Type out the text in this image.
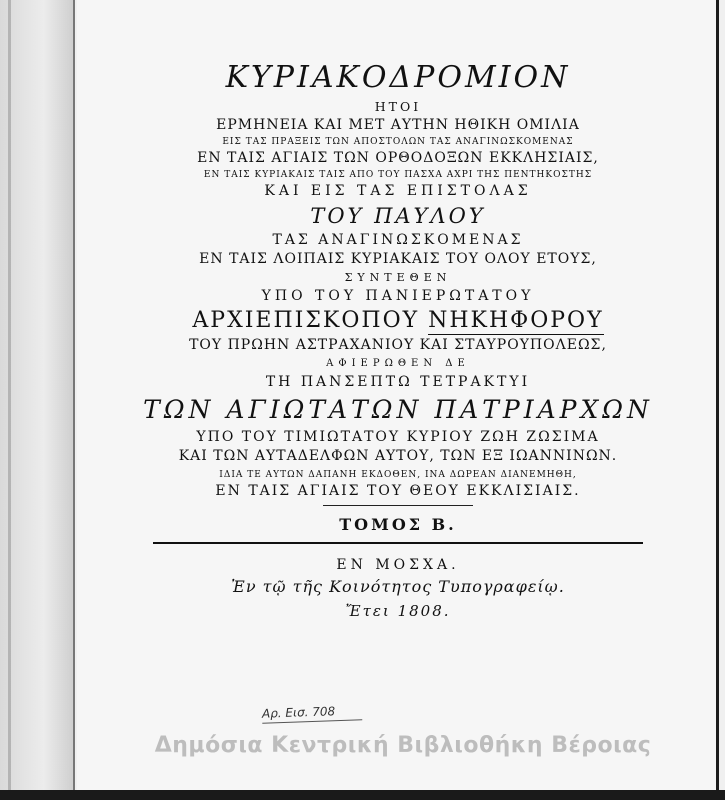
ΚΥΡΙΑΚΟΔΡΟΜΙΟΝ
ΗΤΟΙ
ΕΡΜΗΝΕΙΑ ΚΑΙ ΜΕΤ ΑΥΤΗΝ ΗΘΙΚΗ ΟΜΙΛΙΑ
ΕΙΣ ΤΑΣ ΠΡΑΞΕΙΣ ΤΩΝ ΑΠΟΣΤΟΛΩΝ ΤΑΣ ΑΝΑΓΙΝΩΣΚΟΜΕΝΑΣ
ΕΝ ΤΑΙΣ ΑΓΙΑΙΣ ΤΩΝ ΟΡΘΟΔΟΞΩΝ ΕΚΚΛΗΣΙΑΙΣ,
ΕΝ ΤΑΙΣ ΚΥΡΙΑΚΑΙΣ ΤΑΙΣ ΑΠΟ ΤΟΥ ΠΑΣΧΑ ΑΧΡΙ ΤΗΣ ΠΕΝΤΗΚΟΣΤΗΣ
ΚΑΙ ΕΙΣ ΤΑΣ ΕΠΙΣΤΟΛΑΣ
ΤΟΥ ΠΑΥΛΟΥ
ΤΑΣ ΑΝΑΓΙΝΩΣΚΟΜΕΝΑΣ
ΕΝ ΤΑΙΣ ΛΟΙΠΑΙΣ ΚΥΡΙΑΚΑΙΣ ΤΟΥ ΟΛΟΥ ΕΤΟΥΣ,
ΣΥΝΤΕΘΕΝ
ΥΠΟ ΤΟΥ ΠΑΝΙΕΡΩΤΑΤΟΥ
ΑΡΧΙΕΠΙΣΚΟΠΟΥ ΝΗΚΗΦΟΡΟΥ
ΤΟΥ ΠΡΩΗΝ ΑΣΤΡΑΧΑΝΙΟΥ ΚΑΙ ΣΤΑΥΡΟΥΠΟΛΕΩΣ,
ΑΦΙΕΡΩΘΕΝ ΔΕ
ΤΗ ΠΑΝΣΕΠΤΩ ΤΕΤΡΑΚΤΥΙ
ΤΩΝ ΑΓΙΩΤΑΤΩΝ ΠΑΤΡΙΑΡΧΩΝ
ΥΠΟ ΤΟΥ ΤΙΜΙΩΤΑΤΟΥ ΚΥΡΙΟΥ ΖΩΗ ΖΩΣΙΜΑ
ΚΑΙ ΤΩΝ ΑΥΤΑΔΕΛΦΩΝ ΑΥΤΟΥ, ΤΩΝ ΕΞ ΙΩΑΝΝΙΝΩΝ.
ΙΔΙΑ ΤΕ ΑΥΤΩΝ ΔΑΠΑΝΗ ΕΚΔΟΘΕΝ, ΙΝΑ ΔΩΡΕΑΝ ΔΙΑΝΕΜΗΘΗ,
ΕΝ ΤΑΙΣ ΑΓΙΑΙΣ ΤΟΥ ΘΕΟΥ ΕΚΚΛΙΣΙΑΙΣ.
ΤΟΜΟΣ Β.
ΕΝ ΜΟΣΧΑ.
Ἐν τῷ τῆς Κοινότητος Τυπογραφείῳ.
Ἔτει 1808.
Αρ. Εισ. 708
Δημόσια Κεντρική Βιβλιοθήκη Βέροιας
